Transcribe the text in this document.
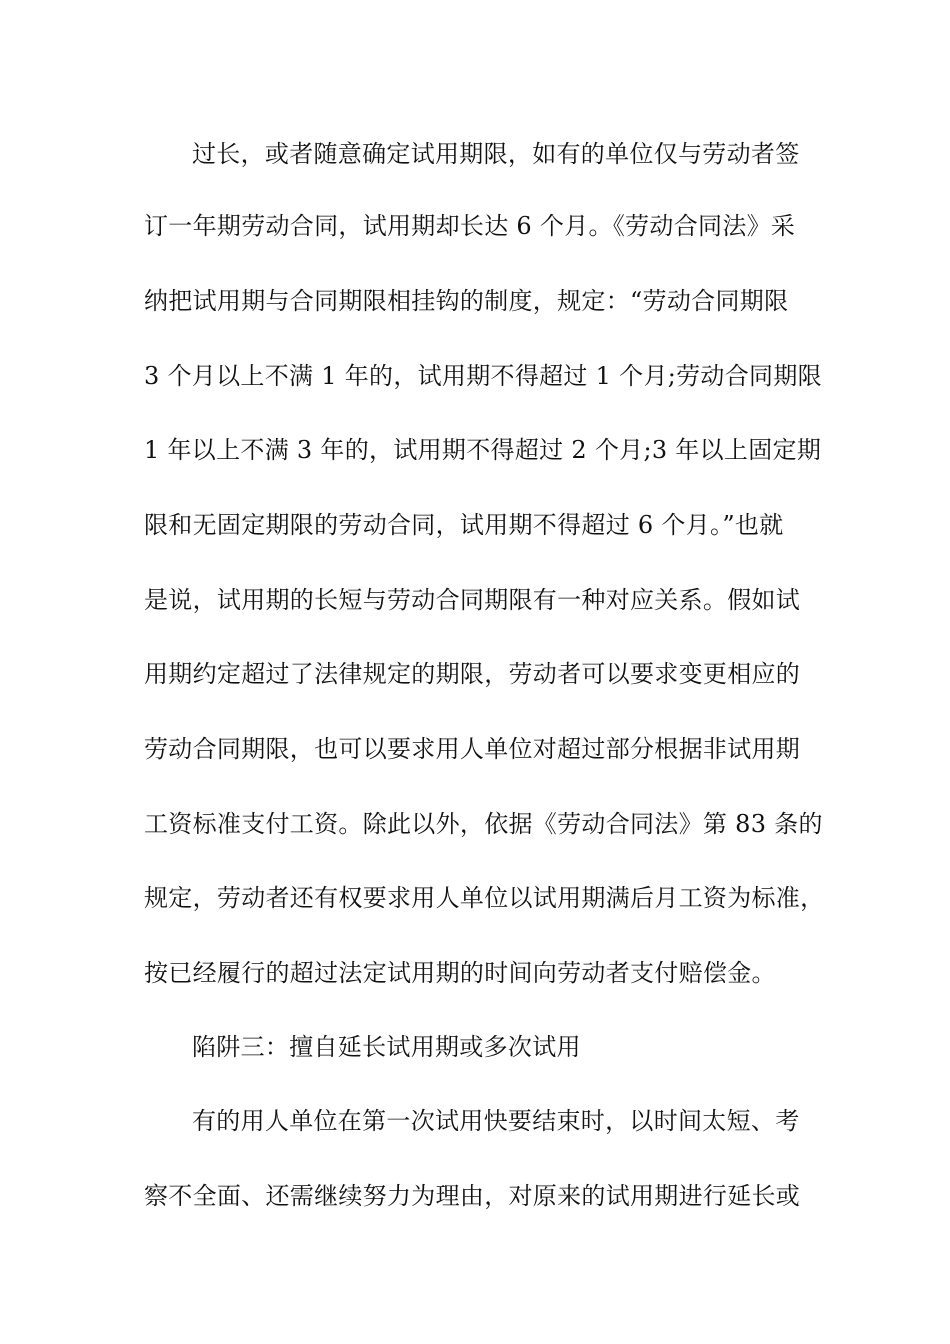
过长，或者随意确定试用期限，如有的单位仅与劳动者签
订一年期劳动合同，试用期却长达 6 个月。《劳动合同法》采
纳把试用期与合同期限相挂钩的制度，规定：“劳动合同期限
3 个月以上不满 1 年的，试用期不得超过 1 个月;劳动合同期限
1 年以上不满 3 年的，试用期不得超过 2 个月;3 年以上固定期
限和无固定期限的劳动合同，试用期不得超过 6 个月。”也就
是说，试用期的长短与劳动合同期限有一种对应关系。假如试
用期约定超过了法律规定的期限，劳动者可以要求变更相应的
劳动合同期限，也可以要求用人单位对超过部分根据非试用期
工资标准支付工资。除此以外，依据《劳动合同法》第 83 条的
规定，劳动者还有权要求用人单位以试用期满后月工资为标准，
按已经履行的超过法定试用期的时间向劳动者支付赔偿金。
陷阱三：擅自延长试用期或多次试用
有的用人单位在第一次试用快要结束时，以时间太短、考
察不全面、还需继续努力为理由，对原来的试用期进行延长或
